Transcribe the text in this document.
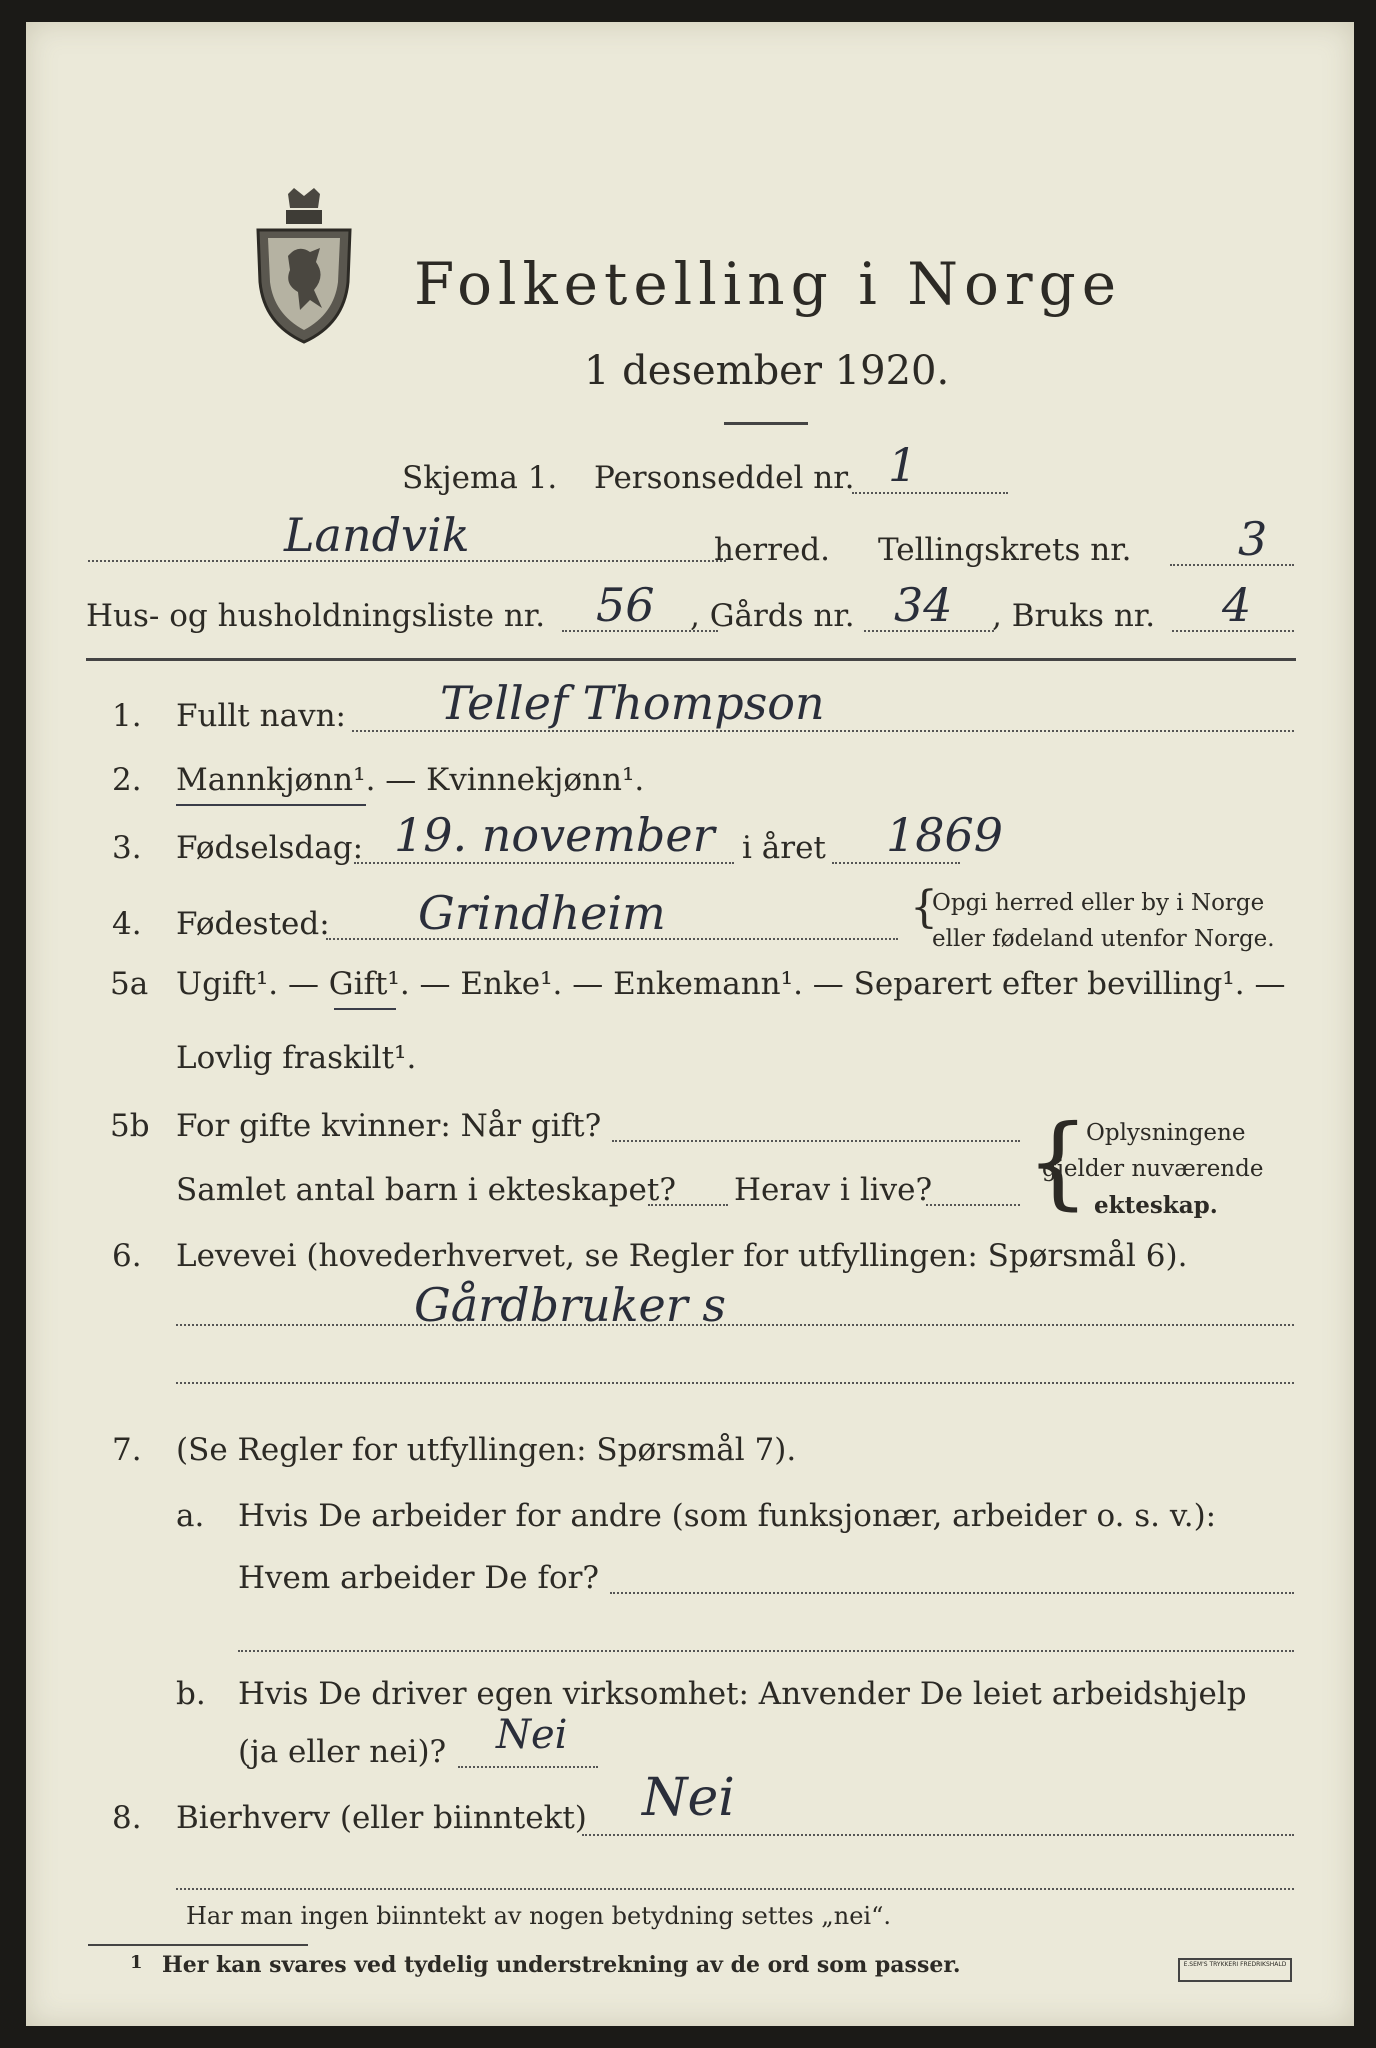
Folketelling i Norge
1 desember 1920.
Skjema 1. Personseddel nr. 1
Landvik	herred. Tellingskrets nr. 3
Hus- og husholdningsliste nr. 56 , Gårds nr. 34 , Bruks nr. 4
1. Fullt navn: Tellef Thompson
2. Mannkjønn¹. — Kvinnekjønn¹.
3. Fødselsdag: 19. november i året 1869
4. Fødested: Grindheim	{
Opgi herred eller by i Norge
eller fødeland utenfor Norge.
5a Ugift¹. — Gift¹. — Enke¹. — Enkemann¹. — Separert efter bevilling¹. —
Lovlig fraskilt¹.
5b For gifte kvinner: Når gift?
Samlet antal barn i ekteskapet? Herav i live? {
Oplysningene
gjelder nuværende
ekteskap.
6. Levevei (hovederhvervet, se Regler for utfyllingen: Spørsmål 6).
Gårdbruker s
7. (Se Regler for utfyllingen: Spørsmål 7).
a. Hvis De arbeider for andre (som funksjonær, arbeider o. s. v.):
Hvem arbeider De for?
b. Hvis De driver egen virksomhet: Anvender De leiet arbeidshjelp
(ja eller nei)? Nei
8. Bierhverv (eller biinntekt) Nei
Har man ingen biinntekt av nogen betydning settes „nei“.
1 Her kan svares ved tydelig understrekning av de ord som passer.	E.SEM'S TRYKKERI FREDRIKSHALD
